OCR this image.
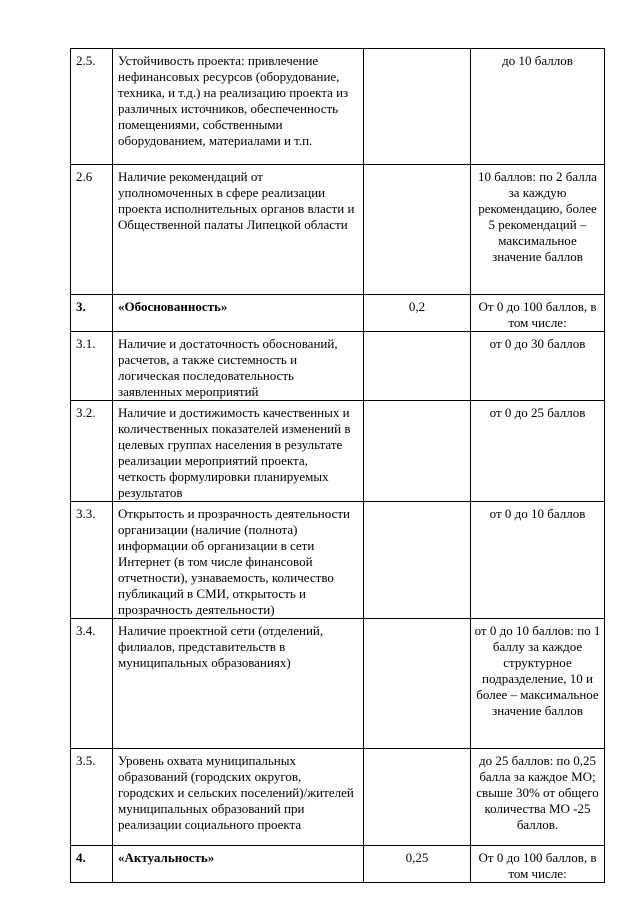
2.5.	Устойчивость проекта: привлечение нефинансовых ресурсов (оборудование, техника, и т.д.) на реализацию проекта из различных источников, обеспеченность помещениями, собственными оборудованием, материалами и т.п.		до 10 баллов
2.6	Наличие рекомендаций от уполномоченных в сфере реализации проекта исполнительных органов власти и Общественной палаты Липецкой области		10 баллов: по 2 балла за каждую рекомендацию, более 5 рекомендаций – максимальное значение баллов
3.	«Обоснованность»	0,2	От 0 до 100 баллов, в том числе:
3.1.	Наличие и достаточность обоснований, расчетов, а также системность и логическая последовательность заявленных мероприятий		от 0 до 30 баллов
3.2.	Наличие и достижимость качественных и количественных показателей изменений в целевых группах населения в результате реализации мероприятий проекта, четкость формулировки планируемых результатов		от 0 до 25 баллов
3.3.	Открытость и прозрачность деятельности организации (наличие (полнота) информации об организации в сети Интернет (в том числе финансовой отчетности), узнаваемость, количество публикаций в СМИ, открытость и прозрачность деятельности)		от 0 до 10 баллов
3.4.	Наличие проектной сети (отделений, филиалов, представительств в муниципальных образованиях)		от 0 до 10 баллов: по 1 баллу за каждое структурное подразделение, 10 и более – максимальное значение баллов
3.5.	Уровень охвата муниципальных образований (городских округов, городских и сельских поселений)/жителей муниципальных образований при реализации социального проекта		до 25 баллов: по 0,25 балла за каждое МО; свыше 30% от общего количества МО -25 баллов.
4.	«Актуальность»	0,25	От 0 до 100 баллов, в том числе:
